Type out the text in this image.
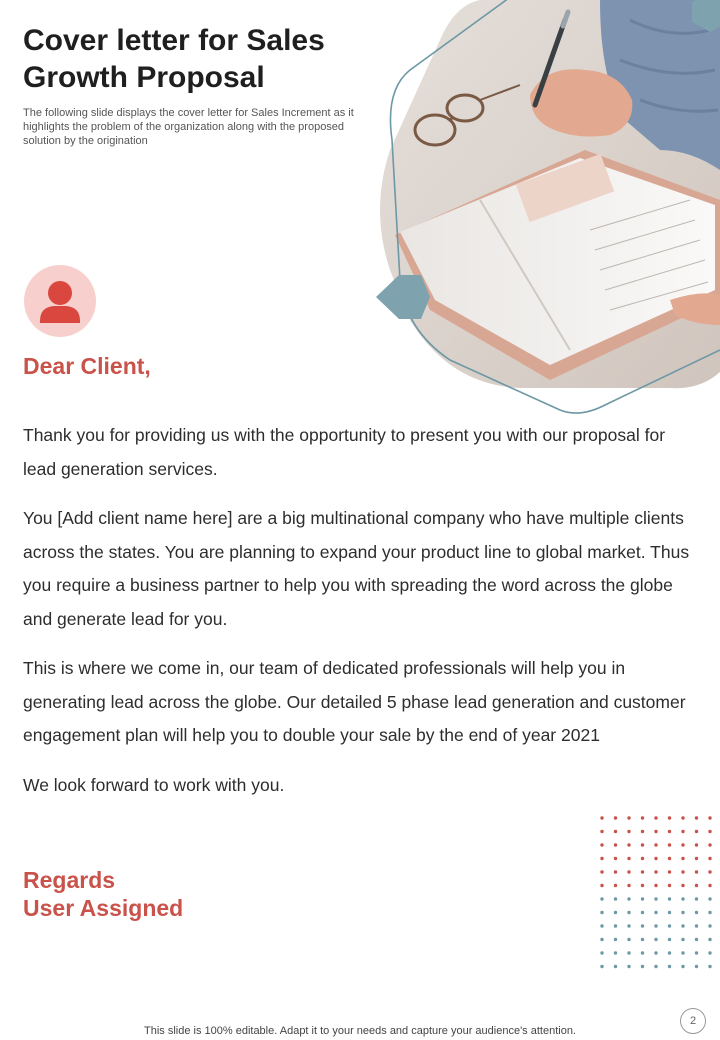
Cover letter for Sales Growth Proposal

The following slide displays the cover letter for Sales Increment as it highlights the problem of the organization along with the proposed solution by the origination

Dear Client,

Thank you for providing us with the opportunity to present you with our proposal for lead generation services.

You [Add client name here] are a big multinational company who have multiple clients across the states. You are planning to expand your product line to global market. Thus you require a business partner to help you with spreading the word across the globe and generate lead for you.

This is where we come in, our team of dedicated professionals will help you in generating lead across the globe. Our detailed 5 phase lead generation and customer engagement plan will help you to double your sale by the end of year 2021

We look forward to work with you.

Regards
User Assigned
2
This slide is 100% editable. Adapt it to your needs and capture your audience's attention.
